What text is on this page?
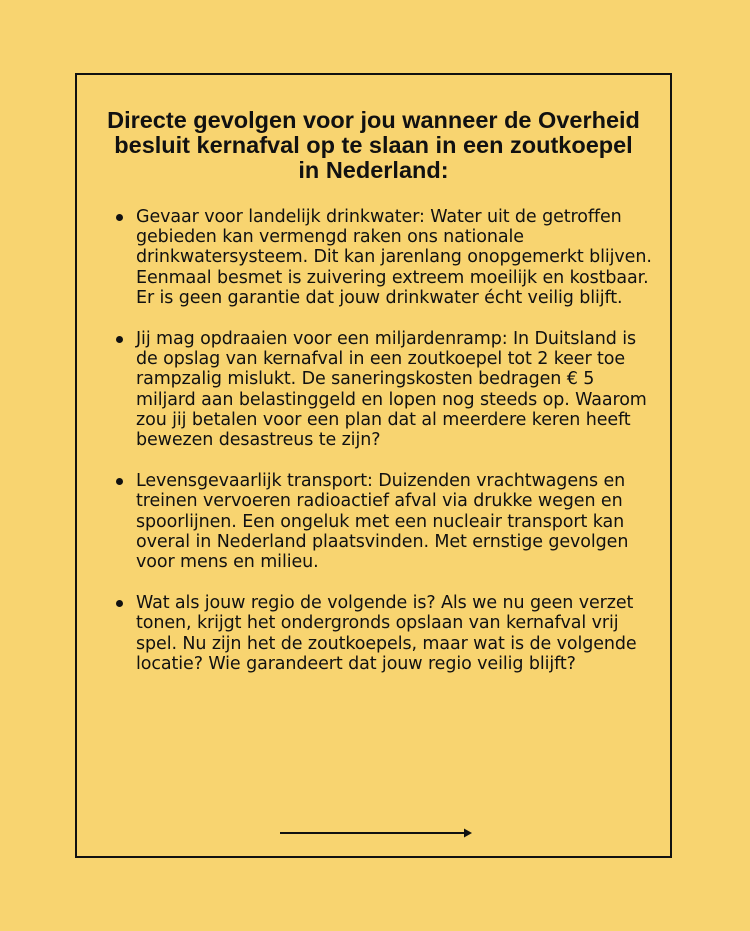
Directe gevolgen voor jou wanneer de Overheid besluit kernafval op te slaan in een zoutkoepel in Nederland:
Gevaar voor landelijk drinkwater: Water uit de getroffen gebieden kan vermengd raken ons nationale drinkwatersysteem. Dit kan jarenlang onopgemerkt blijven. Eenmaal besmet is zuivering extreem moeilijk en kostbaar. Er is geen garantie dat jouw drinkwater écht veilig blijft.
Jij mag opdraaien voor een miljardenramp: In Duitsland is de opslag van kernafval in een zoutkoepel tot 2 keer toe rampzalig mislukt. De saneringskosten bedragen € 5 miljard aan belastinggeld en lopen nog steeds op. Waarom zou jij betalen voor een plan dat al meerdere keren heeft bewezen desastreus te zijn?
Levensgevaarlijk transport: Duizenden vrachtwagens en treinen vervoeren radioactief afval via drukke wegen en spoorlijnen. Een ongeluk met een nucleair transport kan overal in Nederland plaatsvinden. Met ernstige gevolgen voor mens en milieu.
Wat als jouw regio de volgende is? Als we nu geen verzet tonen, krijgt het ondergronds opslaan van kernafval vrij spel. Nu zijn het de zoutkoepels, maar wat is de volgende locatie? Wie garandeert dat jouw regio veilig blijft?
